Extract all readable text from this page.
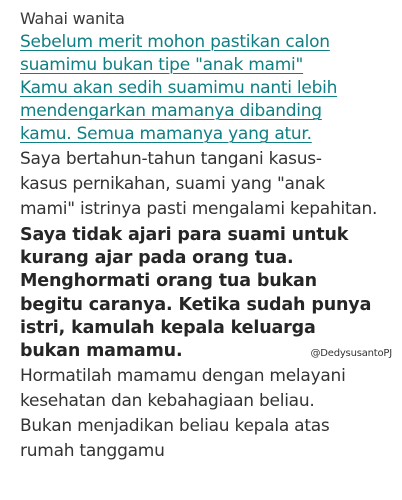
Wahai wanita
Sebelum merit mohon pastikan calon
suamimu bukan tipe "anak mami"
Kamu akan sedih suamimu nanti lebih
mendengarkan mamanya dibanding
kamu. Semua mamanya yang atur.
Saya bertahun-tahun tangani kasus-
kasus pernikahan, suami yang "anak
mami" istrinya pasti mengalami kepahitan.
Saya tidak ajari para suami untuk
kurang ajar pada orang tua.
Menghormati orang tua bukan
begitu caranya. Ketika sudah punya
istri, kamulah kepala keluarga
bukan mamamu.	@DedysusantoPJ
Hormatilah mamamu dengan melayani
kesehatan dan kebahagiaan beliau.
Bukan menjadikan beliau kepala atas
rumah tanggamu
